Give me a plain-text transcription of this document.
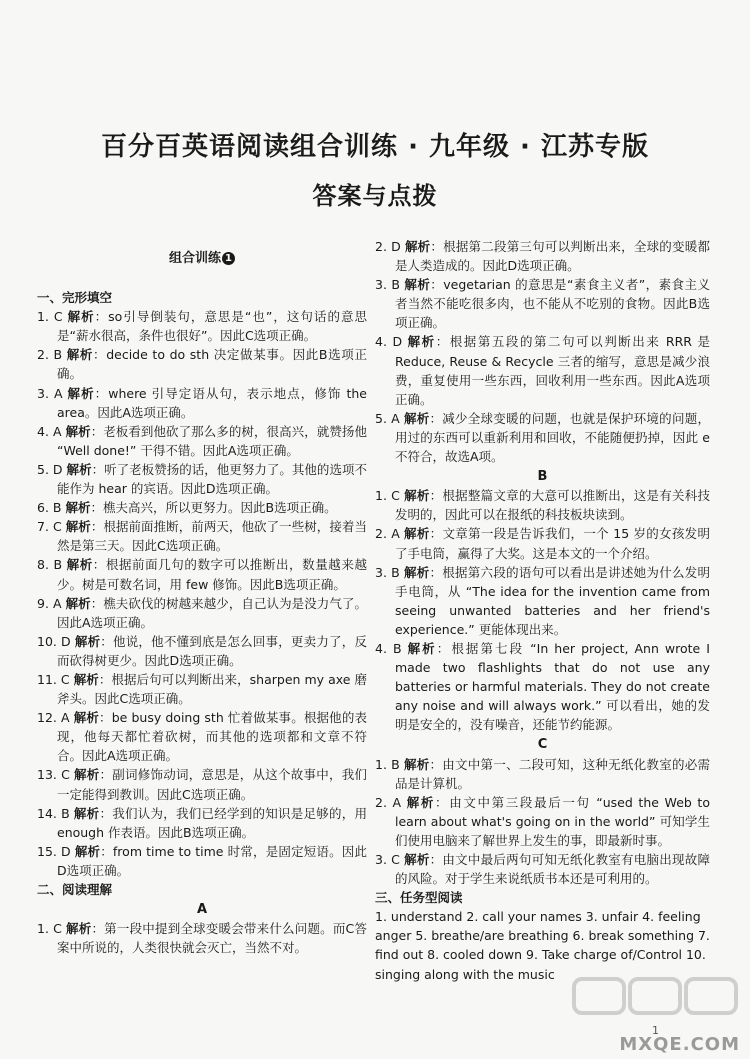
百分百英语阅读组合训练 · 九年级 · 江苏专版
答案与点拨
组合训练 1
一、完形填空

1. C 解析：so引导倒装句，意思是“也”，这句话的意思是“薪水很高，条件也很好”。因此C选项正确。

2. B 解析：decide to do sth 决定做某事。因此B选项正确。

3. A 解析：where 引导定语从句，表示地点，修饰 the area。因此A选项正确。

4. A 解析：老板看到他砍了那么多的树，很高兴，就赞扬他 “Well done!” 干得不错。因此A选项正确。

5. D 解析：听了老板赞扬的话，他更努力了。其他的选项不能作为 hear 的宾语。因此D选项正确。

6. B 解析：樵夫高兴，所以更努力。因此B选项正确。

7. C 解析：根据前面推断，前两天，他砍了一些树，接着当然是第三天。因此C选项正确。

8. B 解析：根据前面几句的数字可以推断出，数量越来越少。树是可数名词，用 few 修饰。因此B选项正确。

9. A 解析：樵夫砍伐的树越来越少，自己认为是没力气了。因此A选项正确。

10. D 解析：他说，他不懂到底是怎么回事，更卖力了，反而砍得树更少。因此D选项正确。

11. C 解析：根据后句可以判断出来，sharpen my axe 磨斧头。因此C选项正确。

12. A 解析：be busy doing sth 忙着做某事。根据他的表现，他每天都忙着砍树，而其他的选项都和文章不符合。因此A选项正确。

13. C 解析：副词修饰动词，意思是，从这个故事中，我们一定能得到教训。因此C选项正确。

14. B 解析：我们认为，我们已经学到的知识是足够的，用 enough 作表语。因此B选项正确。

15. D 解析：from time to time 时常，是固定短语。因此D选项正确。

二、阅读理解
A

1. C 解析：第一段中提到全球变暖会带来什么问题。而C答案中所说的，人类很快就会灭亡，当然不对。

2. D 解析：根据第二段第三句可以判断出来，全球的变暖都是人类造成的。因此D选项正确。

3. B 解析：vegetarian 的意思是“素食主义者”，素食主义者当然不能吃很多肉，也不能从不吃别的食物。因此B选项正确。

4. D 解析：根据第五段的第二句可以判断出来 RRR 是 Reduce, Reuse & Recycle 三者的缩写，意思是减少浪费，重复使用一些东西，回收利用一些东西。因此A选项正确。

5. A 解析：减少全球变暖的问题，也就是保护环境的问题，用过的东西可以重新利用和回收，不能随便扔掉，因此 e 不符合，故选A项。

B

1. C 解析：根据整篇文章的大意可以推断出，这是有关科技发明的，因此可以在报纸的科技板块读到。

2. A 解析：文章第一段是告诉我们，一个 15 岁的女孩发明了手电筒，赢得了大奖。这是本文的一个介绍。

3. B 解析：根据第六段的语句可以看出是讲述她为什么发明手电筒，从 “The idea for the invention came from seeing unwanted batteries and her friend's experience.” 更能体现出来。

4. B 解析：根据第七段 “In her project, Ann wrote I made two flashlights that do not use any batteries or harmful materials. They do not create any noise and will always work.” 可以看出，她的发明是安全的，没有噪音，还能节约能源。

C

1. B 解析：由文中第一、二段可知，这种无纸化教室的必需品是计算机。

2. A 解析：由文中第三段最后一句 “used the Web to learn about what's going on in the world” 可知学生们使用电脑来了解世界上发生的事，即最新时事。

3. C 解析：由文中最后两句可知无纸化教室有电脑出现故障的风险。对于学生来说纸质书本还是可利用的。

三、任务型阅读

1. understand 2. call your names 3. unfair 4. feeling anger 5. breathe/are breathing 6. break something 7. find out 8. cooled down 9. Take charge of/Control 10. singing along with the music

1
MXQE.COM
